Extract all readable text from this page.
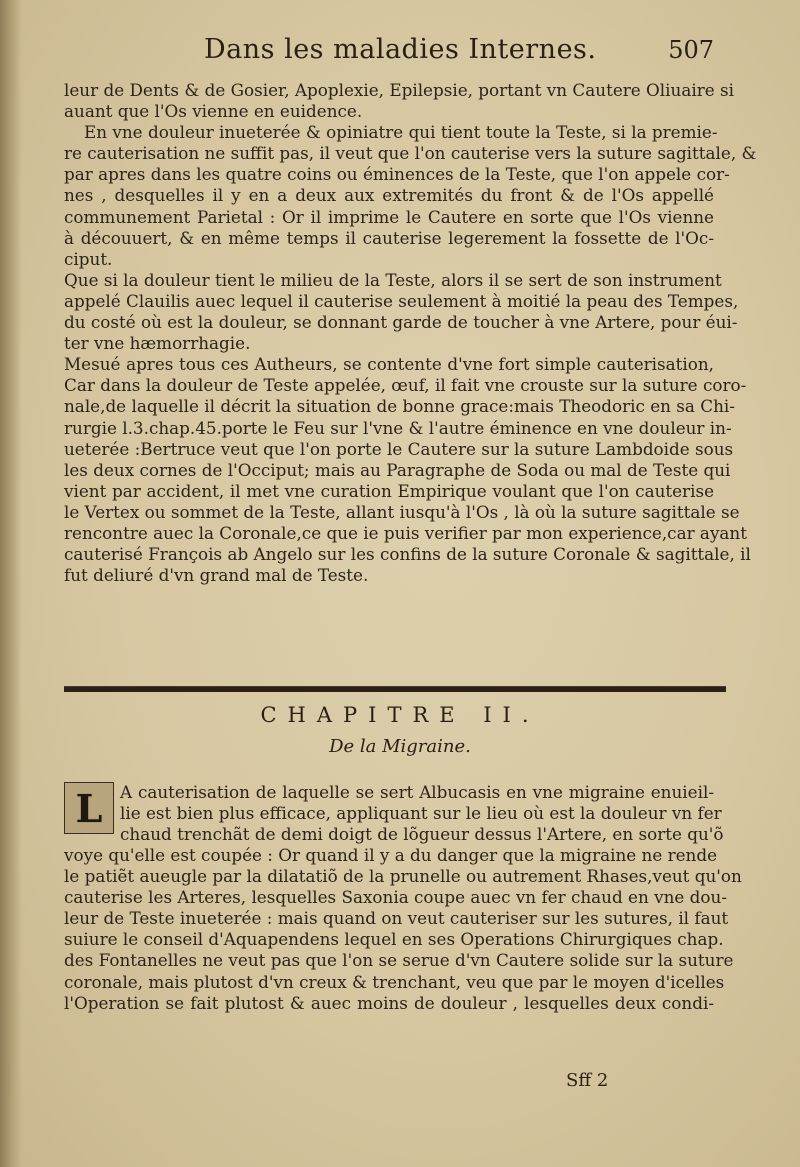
Dans les maladies Internes.	507
leur de Dents & de Gosier, Apoplexie, Epilepsie, portant vn Cautere Oliuaire si
auant que l'Os vienne en euidence.
En vne douleur inueterée & opiniatre qui tient toute la Teste, si la premie-
re cauterisation ne suffit pas, il veut que l'on cauterise vers la suture sagittale, &
par apres dans les quatre coins ou éminences de la Teste, que l'on appele cor-
nes , desquelles il y en a deux aux extremités du front & de l'Os appellé
communement Parietal : Or il imprime le Cautere en sorte que l'Os vienne
à découuert, & en même temps il cauterise legerement la fossette de l'Oc-
ciput.
Que si la douleur tient le milieu de la Teste, alors il se sert de son instrument
appelé Clauilis auec lequel il cauterise seulement à moitié la peau des Tempes,
du costé où est la douleur, se donnant garde de toucher à vne Artere, pour éui-
ter vne hæmorrhagie.
Mesué apres tous ces Autheurs, se contente d'vne fort simple cauterisation,
Car dans la douleur de Teste appelée, œuf, il fait vne crouste sur la suture coro-
nale,de laquelle il décrit la situation de bonne grace:mais Theodoric en sa Chi-
rurgie l.3.chap.45.porte le Feu sur l'vne & l'autre éminence en vne douleur in-
ueterée :Bertruce veut que l'on porte le Cautere sur la suture Lambdoide sous
les deux cornes de l'Occiput; mais au Paragraphe de Soda ou mal de Teste qui
vient par accident, il met vne curation Empirique voulant que l'on cauterise
le Vertex ou sommet de la Teste, allant iusqu'à l'Os , là où la suture sagittale se
rencontre auec la Coronale,ce que ie puis verifier par mon experience,car ayant
cauterisé François ab Angelo sur les confins de la suture Coronale & sagittale, il
fut deliuré d'vn grand mal de Teste.
CHAPITRE II.
De la Migraine.
L A cauterisation de laquelle se sert Albucasis en vne migraine enuieil-
lie est bien plus efficace, appliquant sur le lieu où est la douleur vn fer
chaud trenchãt de demi doigt de lõgueur dessus l'Artere, en sorte qu'õ
voye qu'elle est coupée : Or quand il y a du danger que la migraine ne rende
le patiẽt aueugle par la dilatatiõ de la prunelle ou autrement Rhases,veut qu'on
cauterise les Arteres, lesquelles Saxonia coupe auec vn fer chaud en vne dou-
leur de Teste inueterée : mais quand on veut cauteriser sur les sutures, il faut
suiure le conseil d'Aquapendens lequel en ses Operations Chirurgiques chap.
des Fontanelles ne veut pas que l'on se serue d'vn Cautere solide sur la suture
coronale, mais plutost d'vn creux & trenchant, veu que par le moyen d'icelles
l'Operation se fait plutost & auec moins de douleur , lesquelles deux condi-
Sff 2
